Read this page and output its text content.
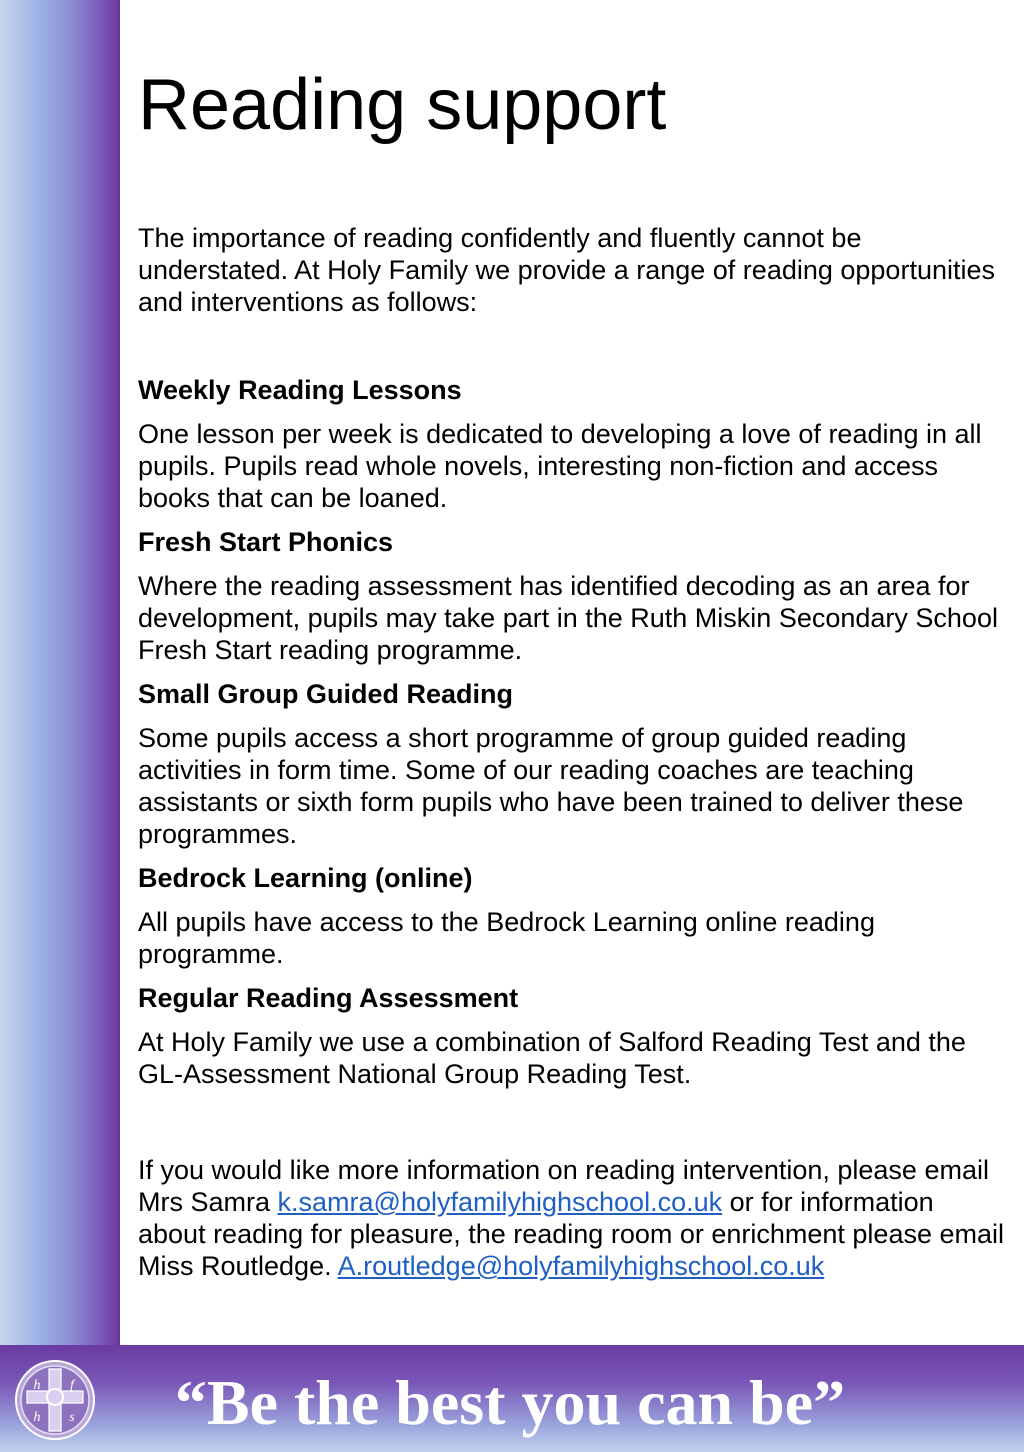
Reading support

The importance of reading confidently and fluently cannot be understated. At Holy Family we provide a range of reading opportunities and interventions as follows:

Weekly Reading Lessons

One lesson per week is dedicated to developing a love of reading in all pupils. Pupils read whole novels, interesting non-fiction and access books that can be loaned.

Fresh Start Phonics

Where the reading assessment has identified decoding as an area for development, pupils may take part in the Ruth Miskin Secondary School Fresh Start reading programme.

Small Group Guided Reading

Some pupils access a short programme of group guided reading activities in form time. Some of our reading coaches are teaching assistants or sixth form pupils who have been trained to deliver these programmes.

Bedrock Learning (online)

All pupils have access to the Bedrock Learning online reading programme.

Regular Reading Assessment

At Holy Family we use a combination of Salford Reading Test and the GL-Assessment National Group Reading Test.

If you would like more information on reading intervention, please email Mrs Samra k.samra@holyfamilyhighschool.co.uk or for information about reading for pleasure, the reading room or enrichment please email Miss Routledge. A.routledge@holyfamilyhighschool.co.uk

h f
h s	“Be the best you can be”
